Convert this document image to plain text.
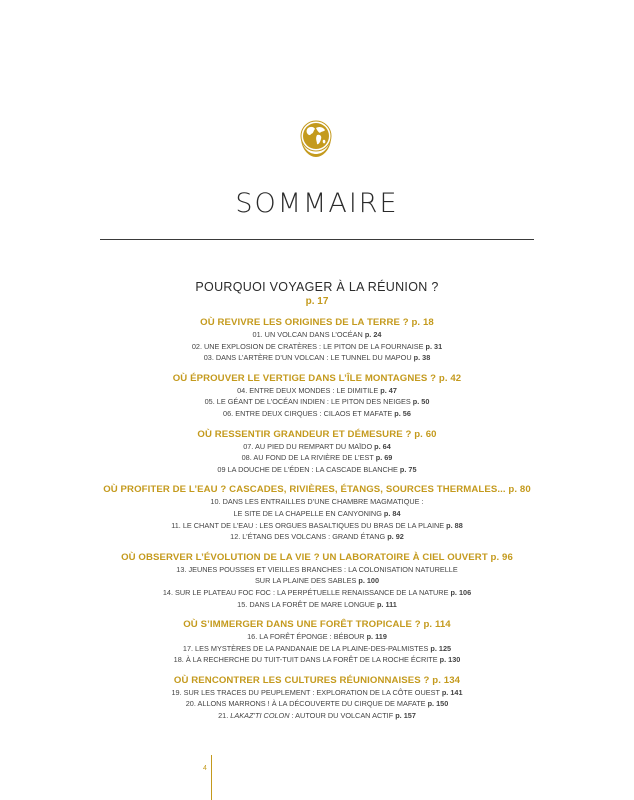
SOMMAIRE
POURQUOI VOYAGER À LA RÉUNION ?
p. 17
OÙ REVIVRE LES ORIGINES DE LA TERRE ? p. 18
01. UN VOLCAN DANS L’OCÉAN p. 24
02. UNE EXPLOSION DE CRATÈRES : LE PITON DE LA FOURNAISE p. 31
03. DANS L’ARTÈRE D’UN VOLCAN : LE TUNNEL DU MAPOU p. 38
OÙ ÉPROUVER LE VERTIGE DANS L’ÎLE MONTAGNES ? p. 42
04. ENTRE DEUX MONDES : LE DIMITILE p. 47
05. LE GÉANT DE L’OCÉAN INDIEN : LE PITON DES NEIGES p. 50
06. ENTRE DEUX CIRQUES : CILAOS ET MAFATE p. 56
OÙ RESSENTIR GRANDEUR ET DÉMESURE ? p. 60
07. AU PIED DU REMPART DU MAÏDO p. 64
08. AU FOND DE LA RIVIÈRE DE L’EST p. 69
09 LA DOUCHE DE L’ÉDEN : LA CASCADE BLANCHE p. 75
OÙ PROFITER DE L’EAU ? CASCADES, RIVIÈRES, ÉTANGS, SOURCES THERMALES... p. 80
10. DANS LES ENTRAILLES D’UNE CHAMBRE MAGMATIQUE :
LE SITE DE LA CHAPELLE EN CANYONING p. 84
11. LE CHANT DE L’EAU : LES ORGUES BASALTIQUES DU BRAS DE LA PLAINE p. 88
12. L’ÉTANG DES VOLCANS : GRAND ÉTANG p. 92
OÙ OBSERVER L’ÉVOLUTION DE LA VIE ? UN LABORATOIRE À CIEL OUVERT p. 96
13. JEUNES POUSSES ET VIEILLES BRANCHES : LA COLONISATION NATURELLE
SUR LA PLAINE DES SABLES p. 100
14. SUR LE PLATEAU FOC FOC : LA PERPÉTUELLE RENAISSANCE DE LA NATURE p. 106
15. DANS LA FORÊT DE MARE LONGUE p. 111
OÙ S’IMMERGER DANS UNE FORÊT TROPICALE ? p. 114
16. LA FORÊT ÉPONGE : BÉBOUR p. 119
17. LES MYSTÈRES DE LA PANDANAIE DE LA PLAINE-DES-PALMISTES p. 125
18. À LA RECHERCHE DU TUIT-TUIT DANS LA FORÊT DE LA ROCHE ÉCRITE p. 130
OÙ RENCONTRER LES CULTURES RÉUNIONNAISES ? p. 134
19. SUR LES TRACES DU PEUPLEMENT : EXPLORATION DE LA CÔTE OUEST p. 141
20. ALLONS MARRONS ! À LA DÉCOUVERTE DU CIRQUE DE MAFATE p. 150
21. LAKAZ’TI COLON : AUTOUR DU VOLCAN ACTIF p. 157
4
